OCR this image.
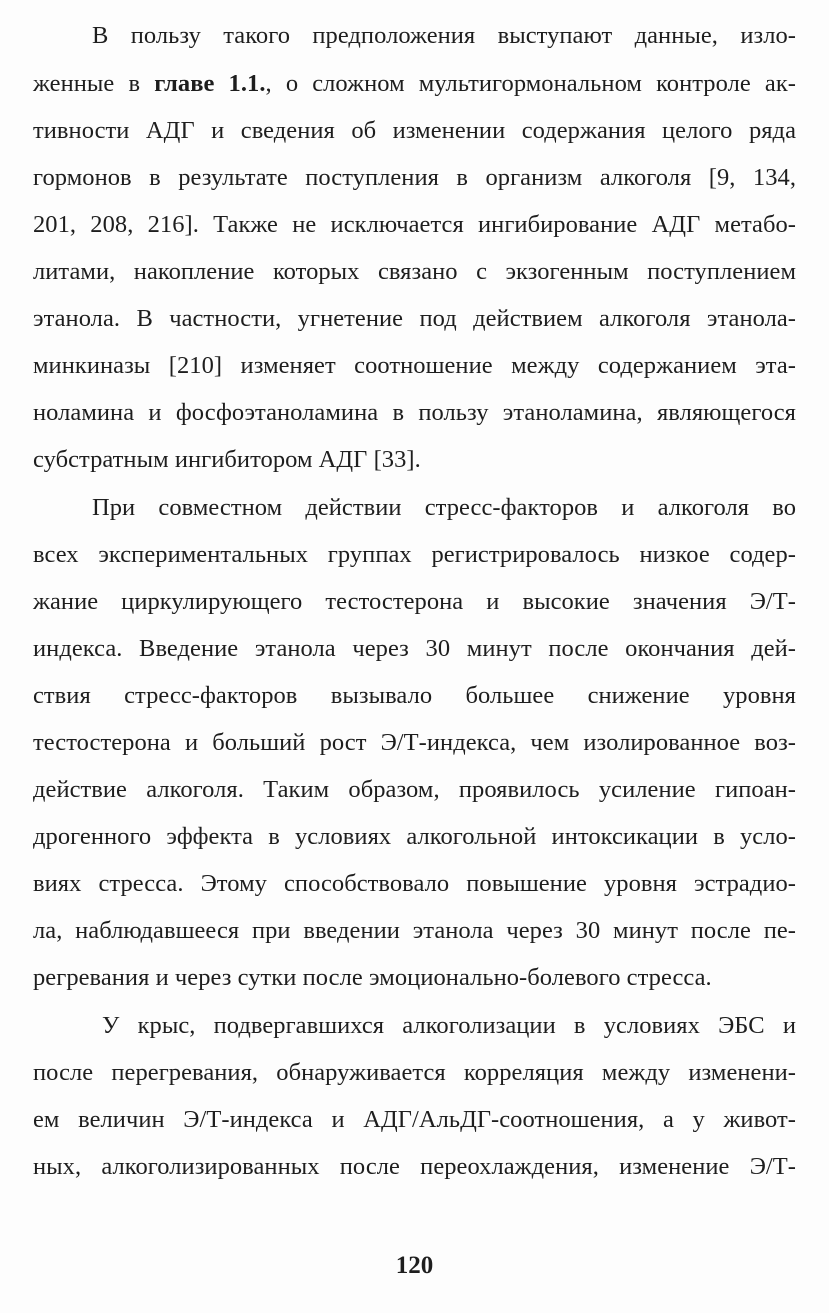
В пользу такого предположения выступают данные, изло-
женные в главе 1.1., о сложном мультигормональном контроле ак-
тивности АДГ и сведения об изменении содержания целого ряда
гормонов в результате поступления в организм алкоголя [9, 134,
201, 208, 216]. Также не исключается ингибирование АДГ метабо-
литами, накопление которых связано с экзогенным поступлением
этанола. В частности, угнетение под действием алкоголя этанола-
минкиназы [210] изменяет соотношение между содержанием эта-
ноламина и фосфоэтаноламина в пользу этаноламина, являющегося
субстратным ингибитором АДГ [33].
При совместном действии стресс-факторов и алкоголя во
всех экспериментальных группах регистрировалось низкое содер-
жание циркулирующего тестостерона и высокие значения Э/Т-
индекса. Введение этанола через 30 минут после окончания дей-
ствия стресс-факторов вызывало большее снижение уровня
тестостерона и больший рост Э/Т-индекса, чем изолированное воз-
действие алкоголя. Таким образом, проявилось усиление гипоан-
дрогенного эффекта в условиях алкогольной интоксикации в усло-
виях стресса. Этому способствовало повышение уровня эстрадио-
ла, наблюдавшееся при введении этанола через 30 минут после пе-
регревания и через сутки после эмоционально-болевого стресса.
У крыс, подвергавшихся алкоголизации в условиях ЭБС и
после перегревания, обнаруживается корреляция между изменени-
ем величин Э/Т-индекса и АДГ/АльДГ-соотношения, а у живот-
ных, алкоголизированных после переохлаждения, изменение Э/Т-
120
